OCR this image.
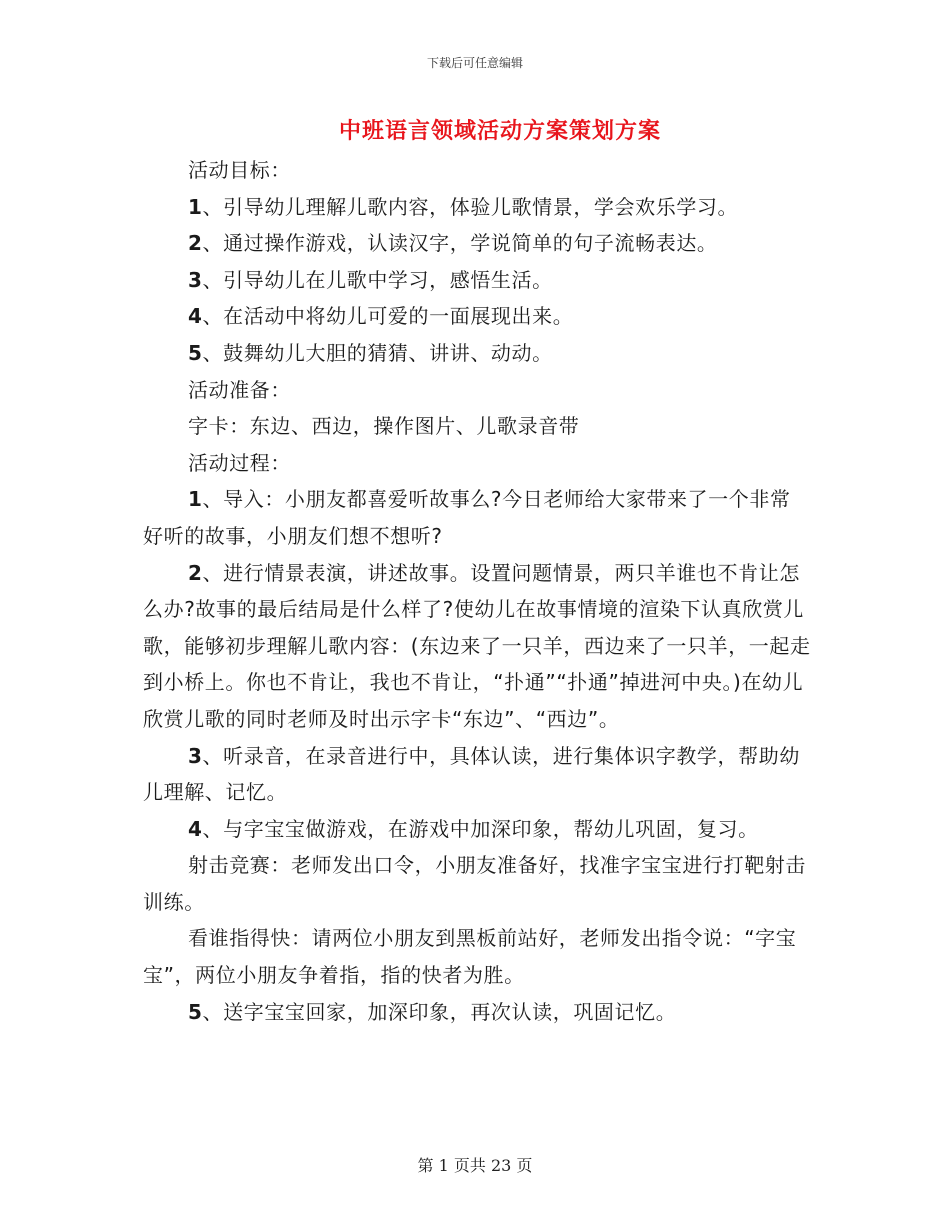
下载后可任意编辑
中班语言领域活动方案策划方案

活动目标：

1、引导幼儿理解儿歌内容，体验儿歌情景，学会欢乐学习。

2、通过操作游戏，认读汉字，学说简单的句子流畅表达。

3、引导幼儿在儿歌中学习，感悟生活。

4、在活动中将幼儿可爱的一面展现出来。

5、鼓舞幼儿大胆的猜猜、讲讲、动动。

活动准备：

字卡：东边、西边，操作图片、儿歌录音带

活动过程：

1、导入：小朋友都喜爱听故事么?今日老师给大家带来了一个非常好听的故事，小朋友们想不想听?

2、进行情景表演，讲述故事。设置问题情景，两只羊谁也不肯让怎么办?故事的最后结局是什么样了?使幼儿在故事情境的渲染下认真欣赏儿歌，能够初步理解儿歌内容：(东边来了一只羊，西边来了一只羊，一起走到小桥上。你也不肯让，我也不肯让，“扑通”“扑通”掉进河中央。)在幼儿欣赏儿歌的同时老师及时出示字卡“东边”、“西边”。

3、听录音，在录音进行中，具体认读，进行集体识字教学，帮助幼儿理解、记忆。

4、与字宝宝做游戏，在游戏中加深印象，帮幼儿巩固，复习。

射击竞赛：老师发出口令，小朋友准备好，找准字宝宝进行打靶射击训练。

看谁指得快：请两位小朋友到黑板前站好，老师发出指令说：“字宝宝”，两位小朋友争着指，指的快者为胜。

5、送字宝宝回家，加深印象，再次认读，巩固记忆。

第 1 页共 23 页
